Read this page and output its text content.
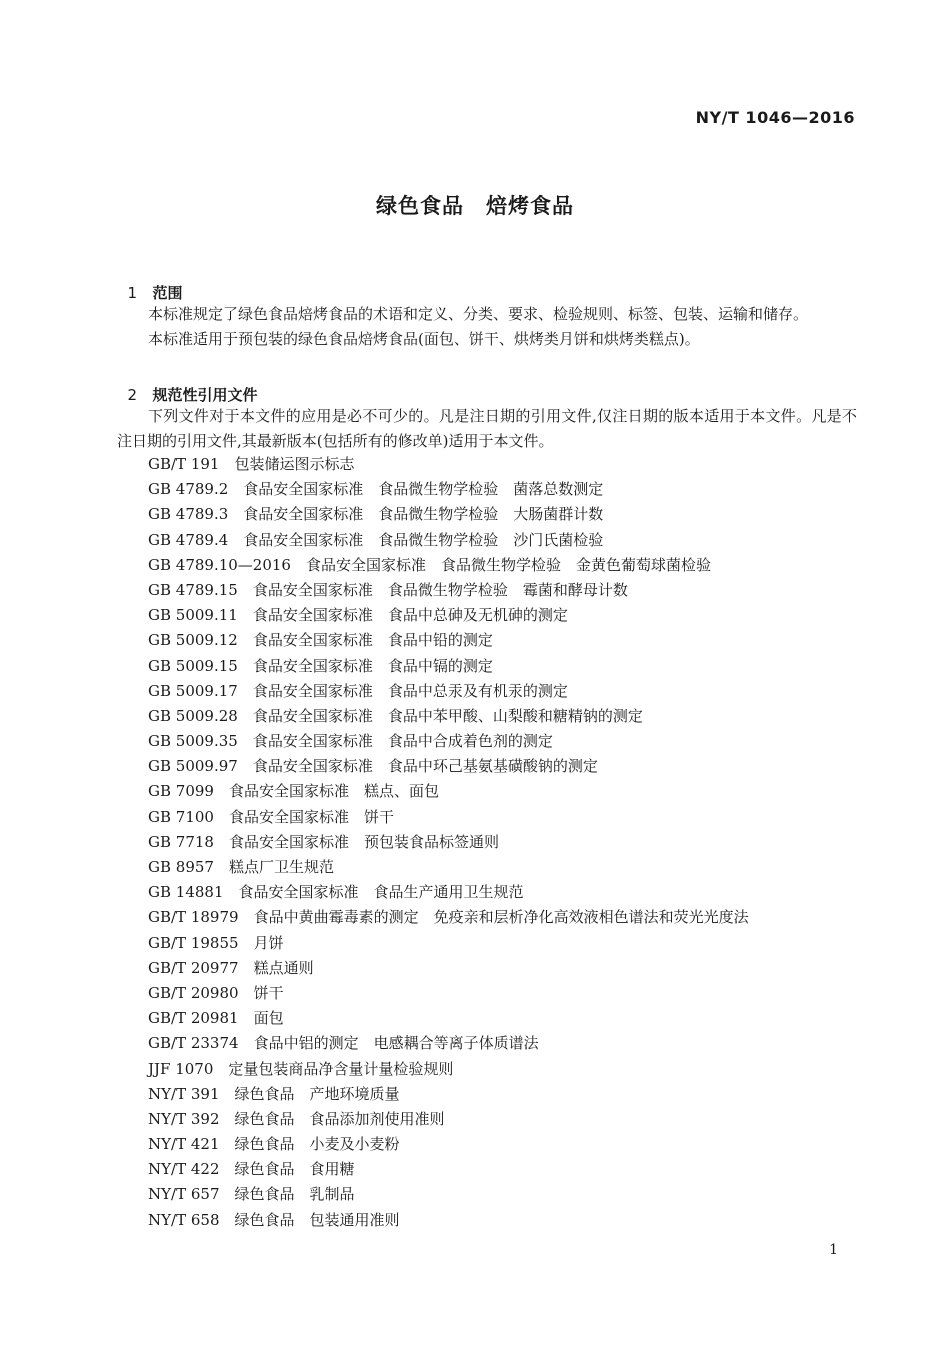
NY/T 1046—2016
绿色食品　焙烤食品

1 范围

本标准规定了绿色食品焙烤食品的术语和定义、分类、要求、检验规则、标签、包装、运输和储存。
本标准适用于预包装的绿色食品焙烤食品(面包、饼干、烘烤类月饼和烘烤类糕点)。

2 规范性引用文件

下列文件对于本文件的应用是必不可少的。凡是注日期的引用文件,仅注日期的版本适用于本文件。凡是不注日期的引用文件,其最新版本(包括所有的修改单)适用于本文件。
GB/T 191　 包装储运图示标志
GB 4789.2　 食品安全国家标准　食品微生物学检验　菌落总数测定
GB 4789.3　 食品安全国家标准　食品微生物学检验　大肠菌群计数
GB 4789.4　 食品安全国家标准　食品微生物学检验　沙门氏菌检验
GB 4789.10—2016　 食品安全国家标准　食品微生物学检验　金黄色葡萄球菌检验
GB 4789.15　 食品安全国家标准　食品微生物学检验　霉菌和酵母计数
GB 5009.11　 食品安全国家标准　食品中总砷及无机砷的测定
GB 5009.12　 食品安全国家标准　食品中铅的测定
GB 5009.15　 食品安全国家标准　食品中镉的测定
GB 5009.17　 食品安全国家标准　食品中总汞及有机汞的测定
GB 5009.28　 食品安全国家标准　食品中苯甲酸、山梨酸和糖精钠的测定
GB 5009.35　 食品安全国家标准　食品中合成着色剂的测定
GB 5009.97　 食品安全国家标准　食品中环己基氨基磺酸钠的测定
GB 7099　 食品安全国家标准　糕点、面包
GB 7100　 食品安全国家标准　饼干
GB 7718　 食品安全国家标准　预包装食品标签通则
GB 8957　 糕点厂卫生规范
GB 14881　 食品安全国家标准　食品生产通用卫生规范
GB/T 18979　 食品中黄曲霉毒素的测定　免疫亲和层析净化高效液相色谱法和荧光光度法
GB/T 19855　 月饼
GB/T 20977　 糕点通则
GB/T 20980　 饼干
GB/T 20981　 面包
GB/T 23374　 食品中铝的测定　电感耦合等离子体质谱法
JJF 1070　 定量包装商品净含量计量检验规则
NY/T 391　 绿色食品　产地环境质量
NY/T 392　 绿色食品　食品添加剂使用准则
NY/T 421　 绿色食品　小麦及小麦粉
NY/T 422　 绿色食品　食用糖
NY/T 657　 绿色食品　乳制品
NY/T 658　 绿色食品　包装通用准则
1
